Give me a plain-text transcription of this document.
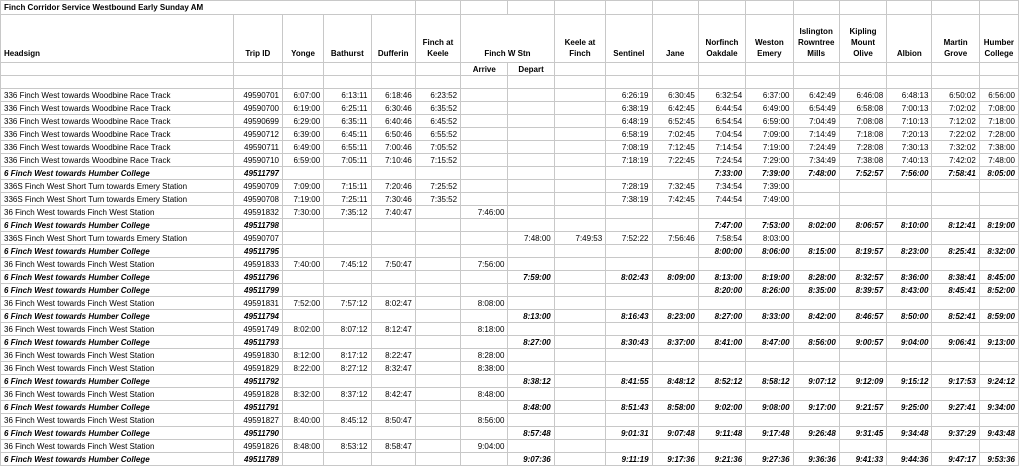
Finch Corridor Service Westbound Early Sunday AM																	
Headsign	Trip ID	Yonge	Bathurst	Dufferin	Finch at Keele	Finch W Stn		Keele at Finch	Sentinel	Jane	Norfinch Oakdale	Weston Emery	Islington Rowntree Mills	Kipling Mount Olive	Albion	Martin Grove	Humber College
						Arrive	Depart										

336 Finch West towards Woodbine Race Track	49590701	6:07:00	6:13:11	6:18:46	6:23:52				6:26:19	6:30:45	6:32:54	6:37:00	6:42:49	6:46:08	6:48:13	6:50:02	6:56:00
336 Finch West towards Woodbine Race Track	49590700	6:19:00	6:25:11	6:30:46	6:35:52				6:38:19	6:42:45	6:44:54	6:49:00	6:54:49	6:58:08	7:00:13	7:02:02	7:08:00
336 Finch West towards Woodbine Race Track	49590699	6:29:00	6:35:11	6:40:46	6:45:52				6:48:19	6:52:45	6:54:54	6:59:00	7:04:49	7:08:08	7:10:13	7:12:02	7:18:00
336 Finch West towards Woodbine Race Track	49590712	6:39:00	6:45:11	6:50:46	6:55:52				6:58:19	7:02:45	7:04:54	7:09:00	7:14:49	7:18:08	7:20:13	7:22:02	7:28:00
336 Finch West towards Woodbine Race Track	49590711	6:49:00	6:55:11	7:00:46	7:05:52				7:08:19	7:12:45	7:14:54	7:19:00	7:24:49	7:28:08	7:30:13	7:32:02	7:38:00
336 Finch West towards Woodbine Race Track	49590710	6:59:00	7:05:11	7:10:46	7:15:52				7:18:19	7:22:45	7:24:54	7:29:00	7:34:49	7:38:08	7:40:13	7:42:02	7:48:00
6 Finch West towards Humber College	49511797										7:33:00	7:39:00	7:48:00	7:52:57	7:56:00	7:58:41	8:05:00
336S Finch West Short Turn towards Emery Station	49590709	7:09:00	7:15:11	7:20:46	7:25:52				7:28:19	7:32:45	7:34:54	7:39:00					
336S Finch West Short Turn towards Emery Station	49590708	7:19:00	7:25:11	7:30:46	7:35:52				7:38:19	7:42:45	7:44:54	7:49:00					
36 Finch West towards Finch West Station	49591832	7:30:00	7:35:12	7:40:47		7:46:00											
6 Finch West towards Humber College	49511798										7:47:00	7:53:00	8:02:00	8:06:57	8:10:00	8:12:41	8:19:00
336S Finch West Short Turn towards Emery Station	49590707						7:48:00	7:49:53	7:52:22	7:56:46	7:58:54	8:03:00					
6 Finch West towards Humber College	49511795										8:00:00	8:06:00	8:15:00	8:19:57	8:23:00	8:25:41	8:32:00
36 Finch West towards Finch West Station	49591833	7:40:00	7:45:12	7:50:47		7:56:00											
6 Finch West towards Humber College	49511796						7:59:00		8:02:43	8:09:00	8:13:00	8:19:00	8:28:00	8:32:57	8:36:00	8:38:41	8:45:00
6 Finch West towards Humber College	49511799										8:20:00	8:26:00	8:35:00	8:39:57	8:43:00	8:45:41	8:52:00
36 Finch West towards Finch West Station	49591831	7:52:00	7:57:12	8:02:47		8:08:00											
6 Finch West towards Humber College	49511794						8:13:00		8:16:43	8:23:00	8:27:00	8:33:00	8:42:00	8:46:57	8:50:00	8:52:41	8:59:00
36 Finch West towards Finch West Station	49591749	8:02:00	8:07:12	8:12:47		8:18:00											
6 Finch West towards Humber College	49511793						8:27:00		8:30:43	8:37:00	8:41:00	8:47:00	8:56:00	9:00:57	9:04:00	9:06:41	9:13:00
36 Finch West towards Finch West Station	49591830	8:12:00	8:17:12	8:22:47		8:28:00											
36 Finch West towards Finch West Station	49591829	8:22:00	8:27:12	8:32:47		8:38:00											
6 Finch West towards Humber College	49511792						8:38:12		8:41:55	8:48:12	8:52:12	8:58:12	9:07:12	9:12:09	9:15:12	9:17:53	9:24:12
36 Finch West towards Finch West Station	49591828	8:32:00	8:37:12	8:42:47		8:48:00											
6 Finch West towards Humber College	49511791						8:48:00		8:51:43	8:58:00	9:02:00	9:08:00	9:17:00	9:21:57	9:25:00	9:27:41	9:34:00
36 Finch West towards Finch West Station	49591827	8:40:00	8:45:12	8:50:47		8:56:00											
6 Finch West towards Humber College	49511790						8:57:48		9:01:31	9:07:48	9:11:48	9:17:48	9:26:48	9:31:45	9:34:48	9:37:29	9:43:48
36 Finch West towards Finch West Station	49591826	8:48:00	8:53:12	8:58:47		9:04:00											
6 Finch West towards Humber College	49511789						9:07:36		9:11:19	9:17:36	9:21:36	9:27:36	9:36:36	9:41:33	9:44:36	9:47:17	9:53:36
